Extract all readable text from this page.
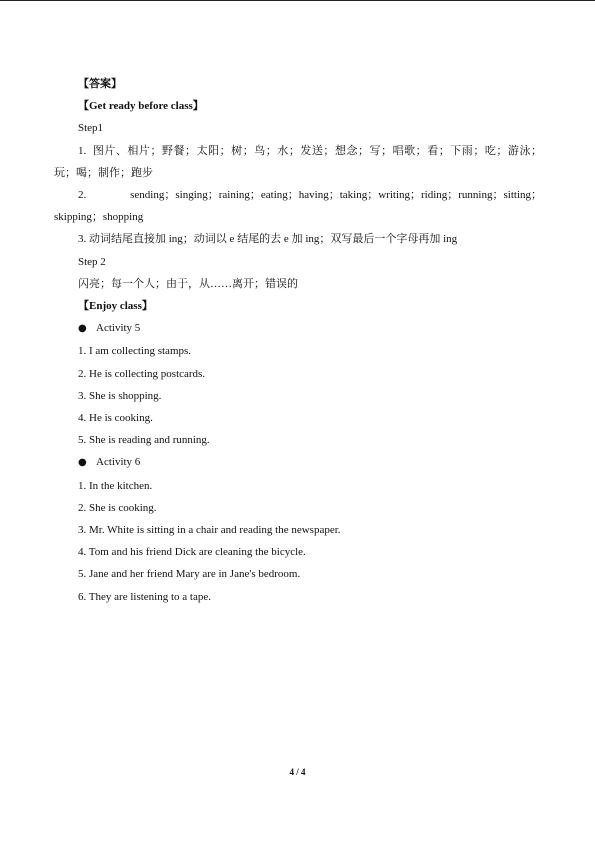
【答案】
【Get ready before class】
Step1
1.  图片、相片；野餐；太阳；树；鸟；水；发送；想念；写；唱歌；看；下雨；吃；游泳；玩；喝；制作；跑步
2. sending；singing；raining；eating；having；taking；writing；riding；running；sitting；skipping；shopping
3. 动词结尾直接加 ing；动词以 e 结尾的去 e 加 ing；双写最后一个字母再加 ing
Step 2
闪亮；每一个人；由于，从……离开；错误的
【Enjoy class】
● Activity 5
1. I am collecting stamps.
2. He is collecting postcards.
3. She is shopping.
4. He is cooking.
5. She is reading and running.
● Activity 6
1. In the kitchen.
2. She is cooking.
3. Mr. White is sitting in a chair and reading the newspaper.
4. Tom and his friend Dick are cleaning the bicycle.
5. Jane and her friend Mary are in Jane's bedroom.
6. They are listening to a tape.
4 / 4
